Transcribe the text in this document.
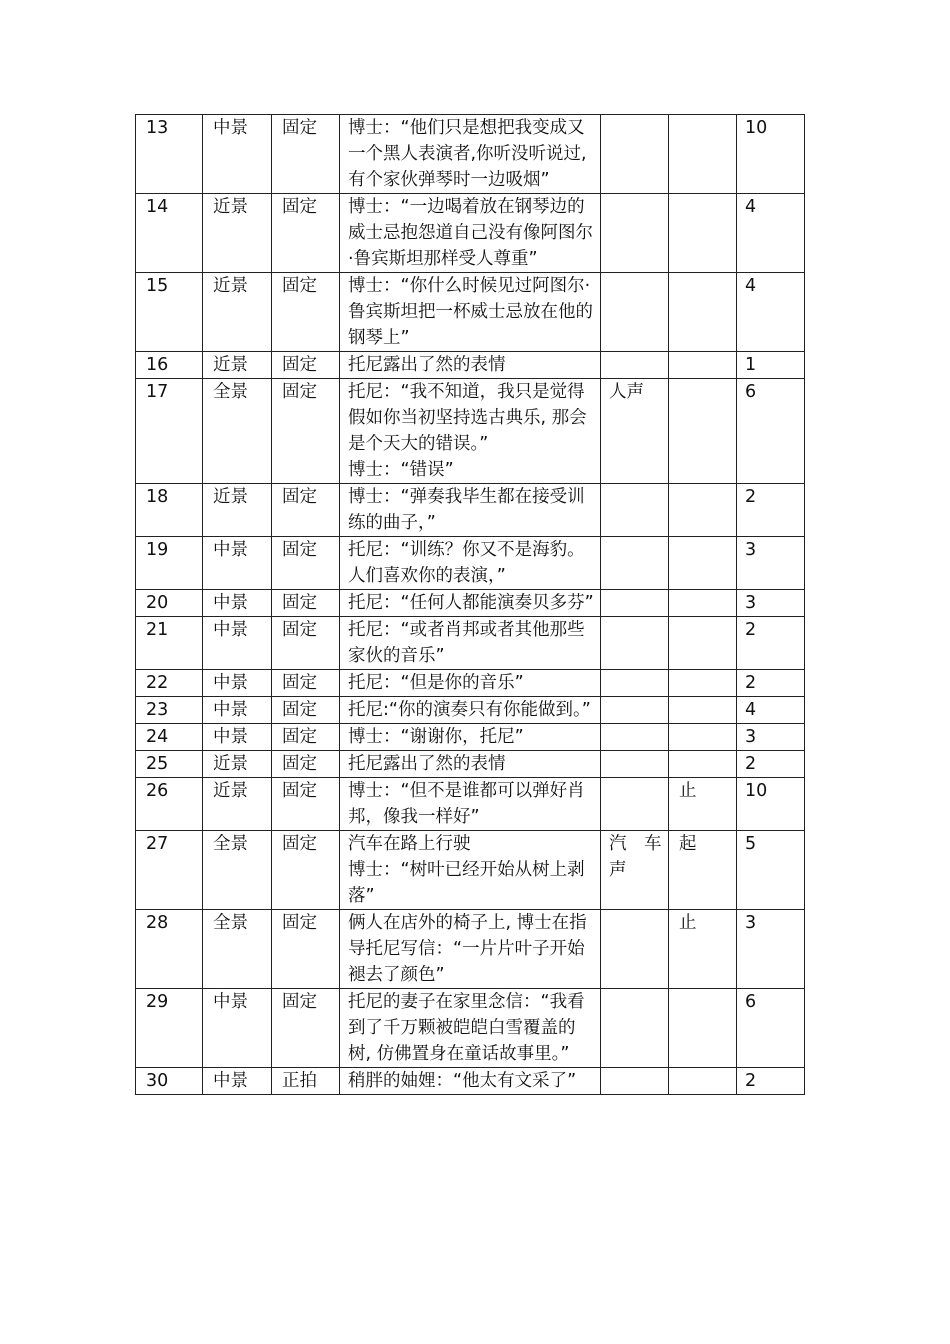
13	中景	固定	博士：“他们只是想把我变成又一个黑人表演者,你听没听说过, 有个家伙弹琴时一边吸烟”			10
14	近景	固定	博士：“一边喝着放在钢琴边的威士忌抱怨道自己没有像阿图尔·鲁宾斯坦那样受人尊重”			4
15	近景	固定	博士：“你什么时候见过阿图尔·鲁宾斯坦把一杯威士忌放在他的钢琴上”			4
16	近景	固定	托尼露出了然的表情			1
17	全景	固定	托尼：“我不知道，我只是觉得假如你当初坚持选古典乐, 那会是个天大的错误。”
博士：“错误”	人声		6
18	近景	固定	博士：“弹奏我毕生都在接受训练的曲子，”			2
19	中景	固定	托尼：“训练？你又不是海豹。人们喜欢你的表演，”			3
20	中景	固定	托尼：“任何人都能演奏贝多芬”			3
21	中景	固定	托尼：“或者肖邦或者其他那些家伙的音乐”			2
22	中景	固定	托尼：“但是你的音乐”			2
23	中景	固定	托尼:“你的演奏只有你能做到。”			4
24	中景	固定	博士：“谢谢你，托尼”			3
25	近景	固定	托尼露出了然的表情			2
26	近景	固定	博士：“但不是谁都可以弹好肖邦，像我一样好”		止	10
27	全景	固定	汽车在路上行驶
博士：“树叶已经开始从树上剥落”	汽　车声	起	5
28	全景	固定	俩人在店外的椅子上, 博士在指导托尼写信：“一片片叶子开始褪去了颜色”		止	3
29	中景	固定	托尼的妻子在家里念信：“我看到了千万颗被皑皑白雪覆盖的树, 仿佛置身在童话故事里。”			6
30	中景	正拍	稍胖的妯娌：“他太有文采了”			2
